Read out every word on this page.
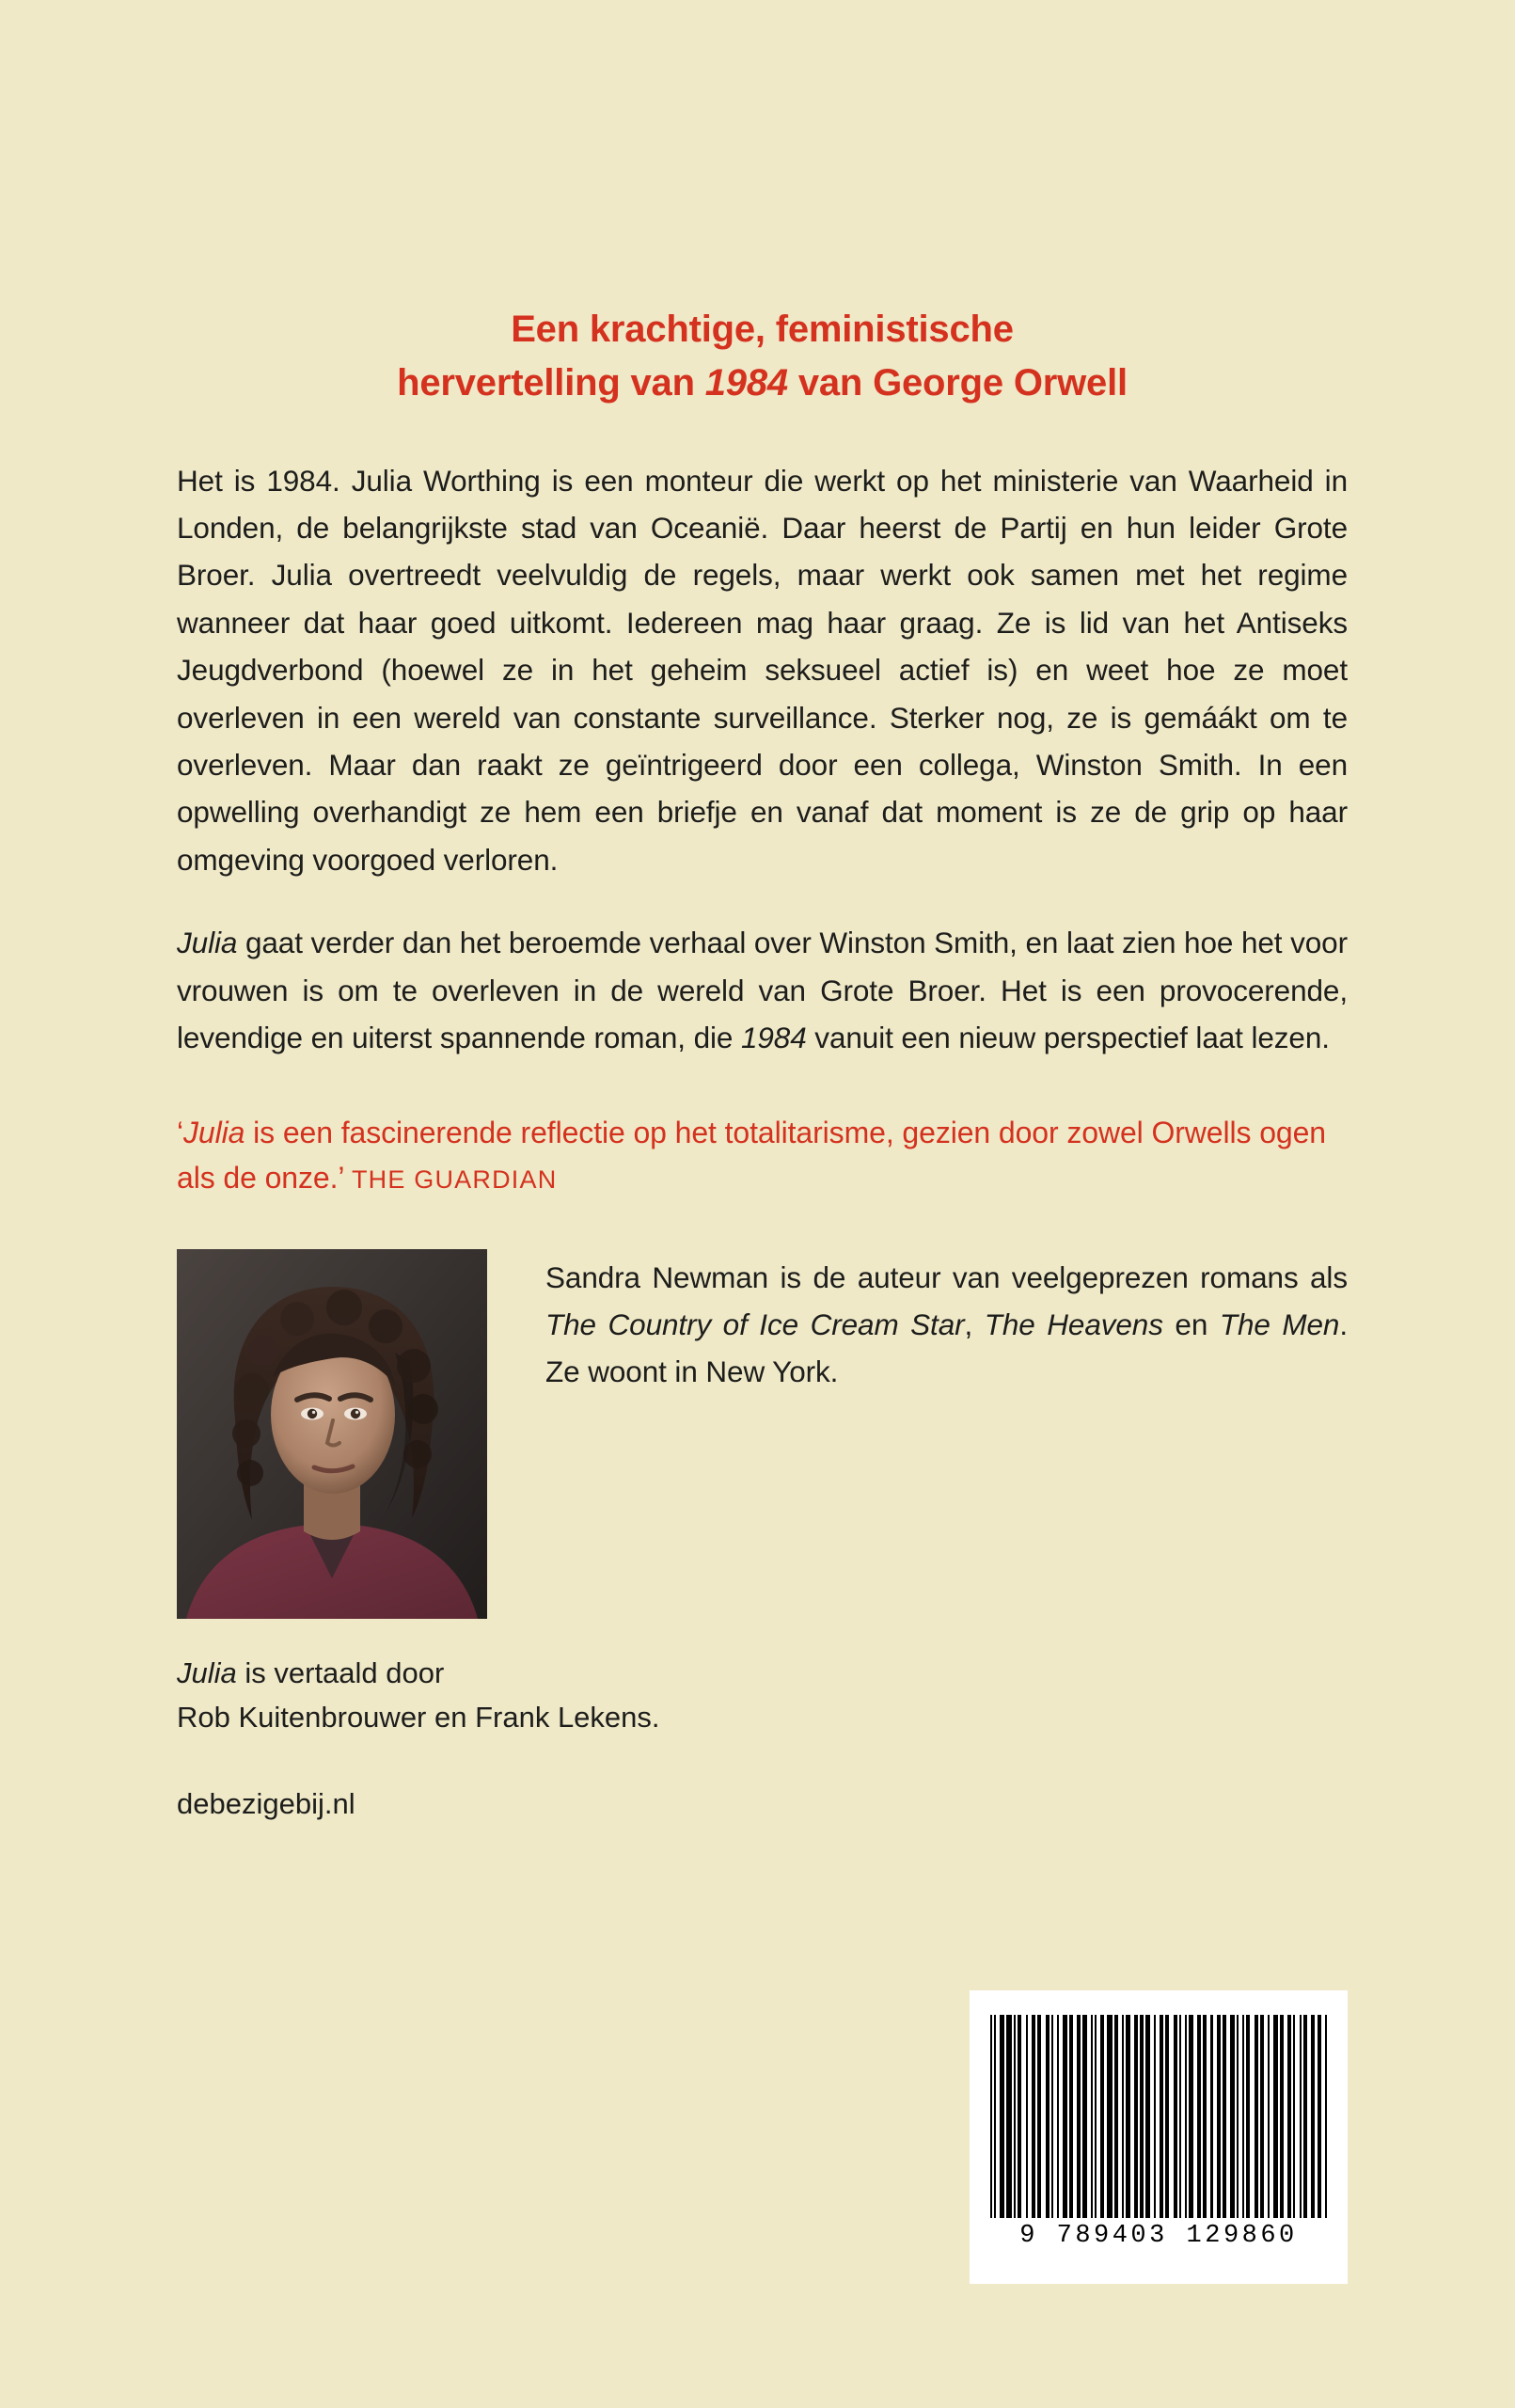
Een krachtige, feministische
hervertelling van 1984 van George Orwell

Het is 1984. Julia Worthing is een monteur die werkt op het ministerie van Waarheid in Londen, de belangrijkste stad van Oceanië. Daar heerst de Partij en hun leider Grote Broer. Julia overtreedt veelvuldig de regels, maar werkt ook samen met het regime wanneer dat haar goed uitkomt. Iedereen mag haar graag. Ze is lid van het Antiseks Jeugdverbond (hoewel ze in het geheim seksueel actief is) en weet hoe ze moet overleven in een wereld van constante surveillance. Sterker nog, ze is gemáákt om te overleven. Maar dan raakt ze geïntrigeerd door een collega, Winston Smith. In een opwelling overhandigt ze hem een briefje en vanaf dat moment is ze de grip op haar omgeving voorgoed verloren.

Julia gaat verder dan het beroemde verhaal over Winston Smith, en laat zien hoe het voor vrouwen is om te overleven in de wereld van Grote Broer. Het is een provocerende, levendige en uiterst spannende roman, die 1984 vanuit een nieuw perspectief laat lezen.

‘Julia is een fascinerende reflectie op het totalitarisme, gezien door zowel Orwells ogen als de onze.’ THE GUARDIAN
Sandra Newman is de auteur van veelgeprezen romans als The Country of Ice Cream Star, The Heavens en The Men. Ze woont in New York.
Julia is vertaald door
Rob Kuitenbrouwer en Frank Lekens.
debezigebij.nl
9 789403 129860
